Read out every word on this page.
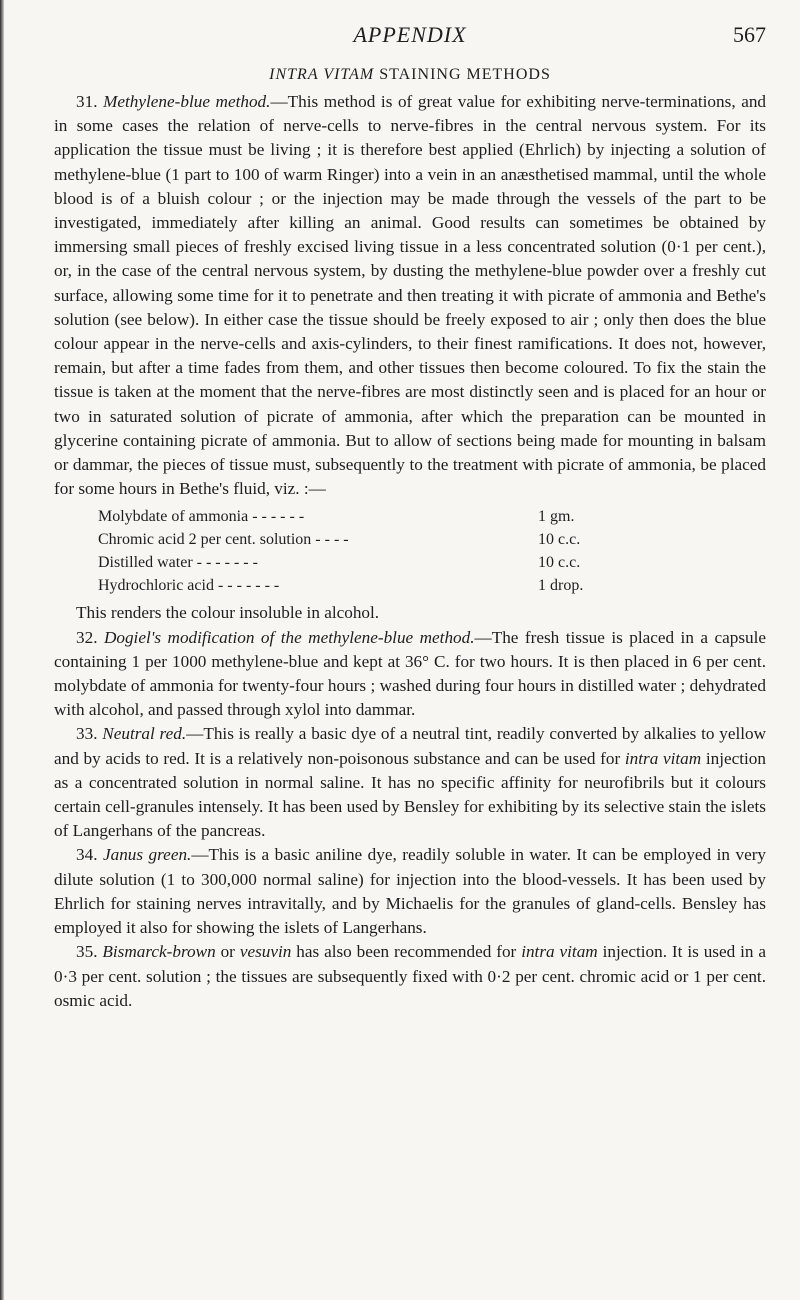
APPENDIX	567
INTRA VITAM STAINING METHODS

31. Methylene-blue method.—This method is of great value for exhibiting nerve-terminations, and in some cases the relation of nerve-cells to nerve-fibres in the central nervous system. For its application the tissue must be living ; it is therefore best applied (Ehrlich) by injecting a solution of methylene-blue (1 part to 100 of warm Ringer) into a vein in an anæsthetised mammal, until the whole blood is of a bluish colour ; or the injection may be made through the vessels of the part to be investigated, immediately after killing an animal. Good results can sometimes be obtained by immersing small pieces of freshly excised living tissue in a less concentrated solution (0·1 per cent.), or, in the case of the central nervous system, by dusting the methylene-blue powder over a freshly cut surface, allowing some time for it to penetrate and then treating it with picrate of ammonia and Bethe's solution (see below). In either case the tissue should be freely exposed to air ; only then does the blue colour appear in the nerve-cells and axis-cylinders, to their finest ramifications. It does not, however, remain, but after a time fades from them, and other tissues then become coloured. To fix the stain the tissue is taken at the moment that the nerve-fibres are most distinctly seen and is placed for an hour or two in saturated solution of picrate of ammonia, after which the preparation can be mounted in glycerine containing picrate of ammonia. But to allow of sections being made for mounting in balsam or dammar, the pieces of tissue must, subsequently to the treatment with picrate of ammonia, be placed for some hours in Bethe's fluid, viz. :—

Molybdate of ammonia - - - - - -	1 gm.
Chromic acid 2 per cent. solution - - - -	10 c.c.
Distilled water - - - - - - -	10 c.c.
Hydrochloric acid - - - - - - -	1 drop.

This renders the colour insoluble in alcohol.

32. Dogiel's modification of the methylene-blue method.—The fresh tissue is placed in a capsule containing 1 per 1000 methylene-blue and kept at 36° C. for two hours. It is then placed in 6 per cent. molybdate of ammonia for twenty-four hours ; washed during four hours in distilled water ; dehydrated with alcohol, and passed through xylol into dammar.

33. Neutral red.—This is really a basic dye of a neutral tint, readily converted by alkalies to yellow and by acids to red. It is a relatively non-poisonous substance and can be used for intra vitam injection as a concentrated solution in normal saline. It has no specific affinity for neurofibrils but it colours certain cell-granules intensely. It has been used by Bensley for exhibiting by its selective stain the islets of Langerhans of the pancreas.

34. Janus green.—This is a basic aniline dye, readily soluble in water. It can be employed in very dilute solution (1 to 300,000 normal saline) for injection into the blood-vessels. It has been used by Ehrlich for staining nerves intravitally, and by Michaelis for the granules of gland-cells. Bensley has employed it also for showing the islets of Langerhans.

35. Bismarck-brown or vesuvin has also been recommended for intra vitam injection. It is used in a 0·3 per cent. solution ; the tissues are subsequently fixed with 0·2 per cent. chromic acid or 1 per cent. osmic acid.
